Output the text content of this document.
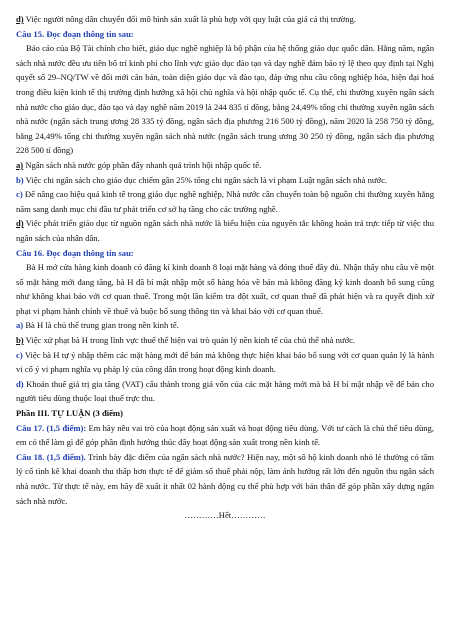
d) Việc người nông dân chuyển đổi mô hình sản xuất là phù hợp với quy luật của giá cả thị trường.

Câu 15. Đọc đoạn thông tin sau:

Báo cáo của Bộ Tài chính cho biết, giáo dục nghề nghiệp là bộ phận của hệ thống giáo dục quốc dân. Hằng năm, ngân sách nhà nước đều ưu tiên bố trí kinh phí cho lĩnh vực giáo dục đào tạo và dạy nghề đảm bảo tỷ lệ theo quy định tại Nghị quyết số 29–NQ/TW về đổi mới căn bản, toàn diện giáo dục và đào tạo, đáp ứng nhu cầu công nghiệp hóa, hiện đại hoá trong điều kiện kinh tế thị trường định hướng xã hội chủ nghĩa và hội nhập quốc tế. Cụ thể, chi thường xuyên ngân sách nhà nước cho giáo dục, đào tạo và dạy nghề năm 2019 là 244 835 tỉ đồng, bằng 24,49% tổng chi thường xuyên ngân sách nhà nước (ngân sách trung ương 28 335 tỷ đồng, ngân sách địa phương 216 500 tỷ đồng), năm 2020 là 258 750 tỷ đồng, bằng 24,49% tổng chi thường xuyên ngân sách nhà nước (ngân sách trung ương 30 250 tỷ đồng, ngân sách địa phương 228 500 tỉ đồng)

a) Ngân sách nhà nước góp phần đẩy nhanh quá trình hội nhập quốc tế.

b) Việc chi ngân sách cho giáo dục chiếm gần 25% tổng chi ngân sách là vi phạm Luật ngân sách nhà nước.

c) Để nâng cao hiệu quả kinh tế trong giáo dục nghề nghiệp, Nhà nước cần chuyển toàn bộ nguồn chi thường xuyên hằng năm sang danh mục chi đầu tư phát triển cơ sở hạ tầng cho các trường nghề.

d) Việc phát triển giáo dục từ nguồn ngân sách nhà nước là biểu hiện của nguyên tắc không hoàn trả trực tiếp từ việc thu ngân sách của nhân dân.

Câu 16. Đọc đoạn thông tin sau:

Bà H mở cửa hàng kinh doanh có đăng kí kinh doanh 8 loại mặt hàng và đóng thuế đầy đủ. Nhận thấy nhu cầu về một số mặt hàng mới đang tăng, bà H đã bí mật nhập một số hàng hóa về bán mà không đăng ký kinh doanh bổ sung cũng như không khai báo với cơ quan thuế. Trong một lần kiểm tra đột xuất, cơ quan thuế đã phát hiện và ra quyết định xử phạt vi phạm hành chính về thuế và buộc bổ sung thông tin và khai báo với cơ quan thuế.

a) Bà H là chủ thể trung gian trong nền kinh tế.

b) Việc xử phạt bà H trong lĩnh vực thuế thể hiện vai trò quản lý nền kinh tế của chủ thể nhà nước.

c) Việc bà H tự ý nhập thêm các mặt hàng mới để bán mà không thực hiện khai báo bổ sung với cơ quan quản lý là hành vi cố ý vi phạm nghĩa vụ pháp lý của công dân trong hoạt động kinh doanh.

d) Khoản thuế giá trị gia tăng (VAT) cấu thành trong giá vốn của các mặt hàng mới mà bà H bí mật nhập về để bán cho người tiêu dùng thuộc loại thuế trực thu.

Phần III. TỰ LUẬN (3 điểm)

Câu 17. (1,5 điểm): Em hãy nêu vai trò của hoạt động sản xuất và hoạt động tiêu dùng. Với tư cách là chủ thể tiêu dùng, em có thể làm gì để góp phần định hướng thúc đẩy hoạt động sản xuất trong nền kinh tế.

Câu 18. (1,5 điểm). Trình bày đặc điểm của ngân sách nhà nước? Hiện nay, một số hộ kinh doanh nhỏ lẻ thường có tâm lý cố tình kê khai doanh thu thấp hơn thực tế để giảm số thuế phải nộp, làm ảnh hưởng rất lớn đến nguồn thu ngân sách nhà nước. Từ thực tế này, em hãy đề xuất ít nhất 02 hành động cụ thể phù hợp với bản thân để góp phần xây dựng ngân sách nhà nước.

…………Hết…………
